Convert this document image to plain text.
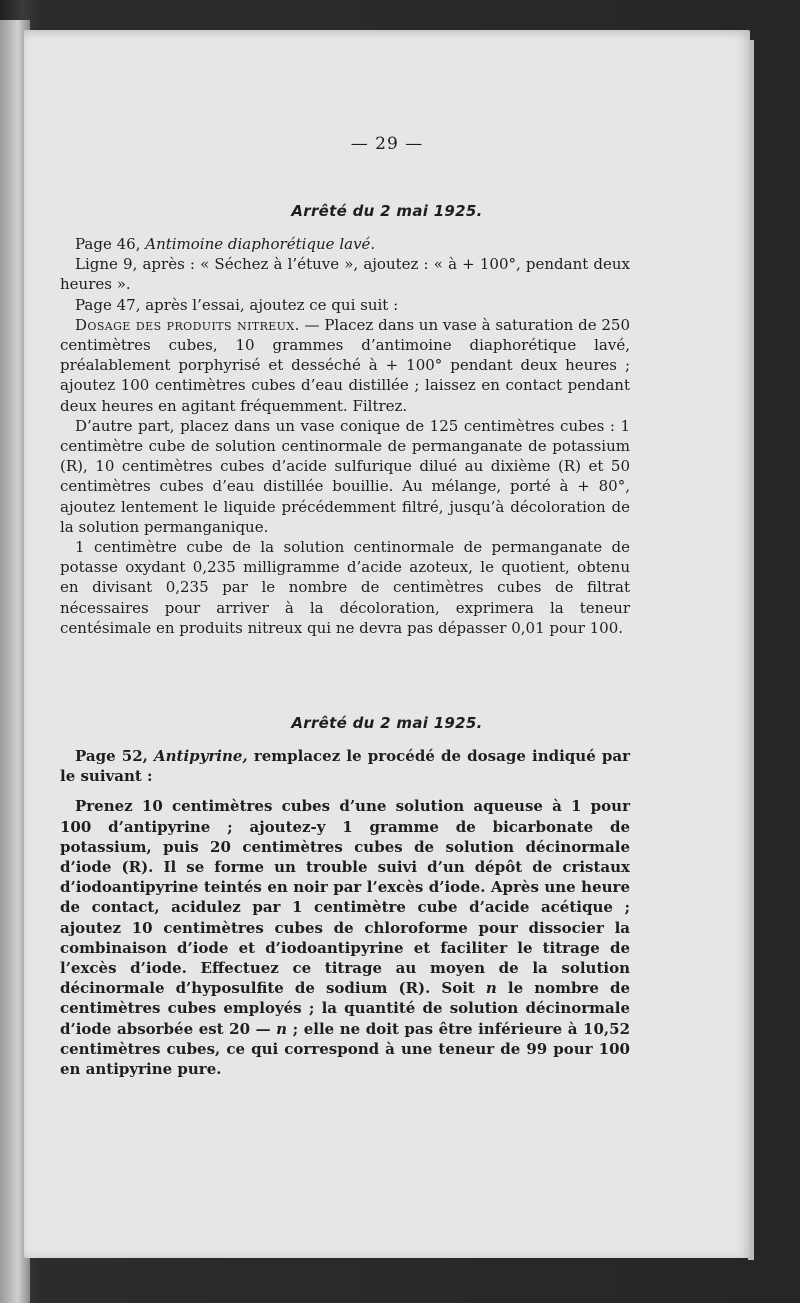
— 29 —
Arrêté du 2 mai 1925.

Page 46, Antimoine diaphorétique lavé.

Ligne 9, après : « Séchez à l’étuve », ajoutez : « à + 100°, pendant deux heures ».

Page 47, après l’essai, ajoutez ce qui suit :

Dosage des produits nitreux. — Placez dans un vase à saturation de 250 centimètres cubes, 10 grammes d’antimoine diaphorétique lavé, préalablement porphyrisé et desséché à + 100° pendant deux heures ; ajoutez 100 centimètres cubes d’eau distillée ; laissez en contact pendant deux heures en agitant fréquemment. Filtrez.

D’autre part, placez dans un vase conique de 125 centimètres cubes : 1 centimètre cube de solution centinormale de permanganate de potassium (R), 10 centimètres cubes d’acide sulfurique dilué au dixième (R) et 50 centimètres cubes d’eau distillée bouillie. Au mélange, porté à + 80°, ajoutez lentement le liquide précédemment filtré, jusqu’à décoloration de la solution permanganique.

1 centimètre cube de la solution centinormale de permanganate de potasse oxydant 0,235 milligramme d’acide azoteux, le quotient, obtenu en divisant 0,235 par le nombre de centimètres cubes de filtrat nécessaires pour arriver à la décoloration, exprimera la teneur centésimale en produits nitreux qui ne devra pas dépasser 0,01 pour 100.

Arrêté du 2 mai 1925.

Page 52, Antipyrine, remplacez le procédé de dosage indiqué par le suivant :

Prenez 10 centimètres cubes d’une solution aqueuse à 1 pour 100 d’antipyrine ; ajoutez-y 1 gramme de bicarbonate de potassium, puis 20 centimètres cubes de solution décinormale d’iode (R). Il se forme un trouble suivi d’un dépôt de cristaux d’iodoantipyrine teintés en noir par l’excès d’iode. Après une heure de contact, acidulez par 1 centimètre cube d’acide acétique ; ajoutez 10 centimètres cubes de chloroforme pour dissocier la combinaison d’iode et d’iodoantipyrine et faciliter le titrage de l’excès d’iode. Effectuez ce titrage au moyen de la solution décinormale d’hyposulfite de sodium (R). Soit n le nombre de centimètres cubes employés ; la quantité de solution décinormale d’iode absorbée est 20 — n ; elle ne doit pas être inférieure à 10,52 centimètres cubes, ce qui correspond à une teneur de 99 pour 100 en antipyrine pure.
